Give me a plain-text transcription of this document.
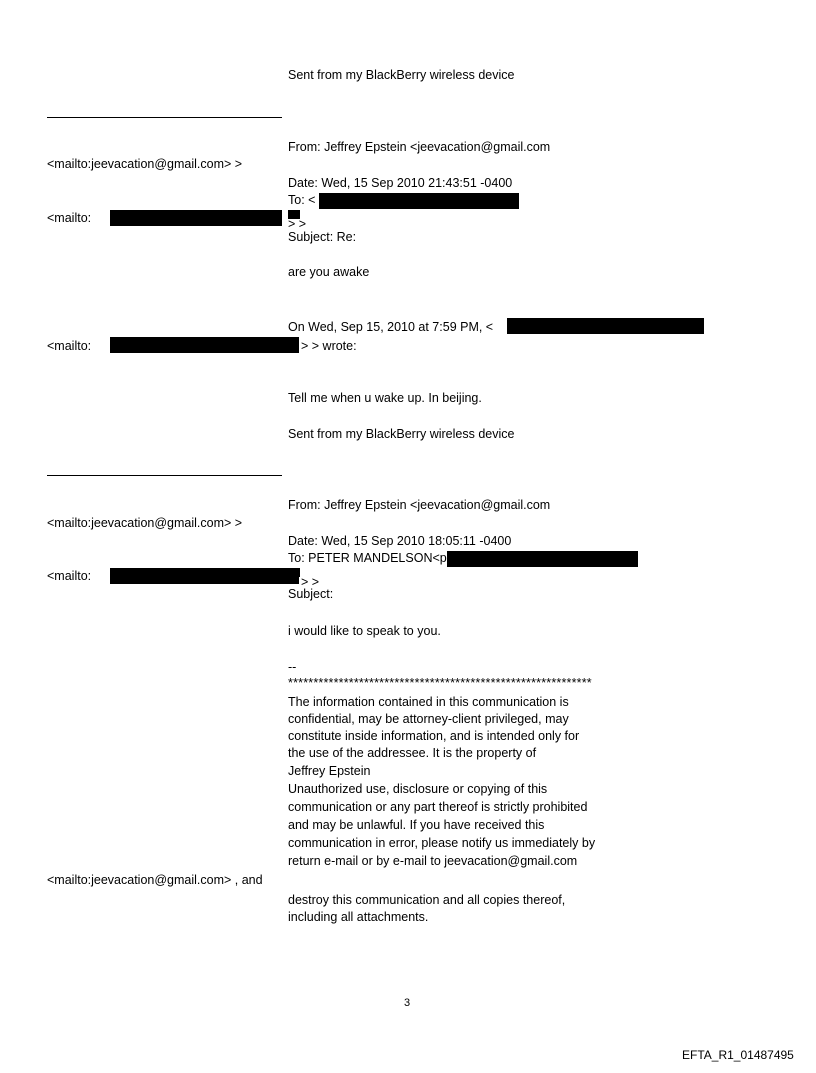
Sent from my BlackBerry wireless device
From: Jeffrey Epstein <jeevacation@gmail.com
<mailto:jeevacation@gmail.com> >
Date: Wed, 15 Sep 2010 21:43:51 -0400
To: <
<mailto:	> >
Subject: Re:
are you awake
On Wed, Sep 15, 2010 at 7:59 PM, <
<mailto:	> > wrote:
Tell me when u wake up. In beijing.
Sent from my BlackBerry wireless device
From: Jeffrey Epstein <jeevacation@gmail.com
<mailto:jeevacation@gmail.com> >
Date: Wed, 15 Sep 2010 18:05:11 -0400
To: PETER MANDELSON<p
<mailto:	> >
Subject:
i would like to speak to you.
--
************************************************************
The information contained in this communication is
confidential, may be attorney-client privileged, may
constitute inside information, and is intended only for
the use of the addressee. It is the property of
Jeffrey Epstein
Unauthorized use, disclosure or copying of this
communication or any part thereof is strictly prohibited
and may be unlawful. If you have received this
communication in error, please notify us immediately by
return e-mail or by e-mail to jeevacation@gmail.com
<mailto:jeevacation@gmail.com> , and
destroy this communication and all copies thereof,
including all attachments.
3
EFTA_R1_01487495
